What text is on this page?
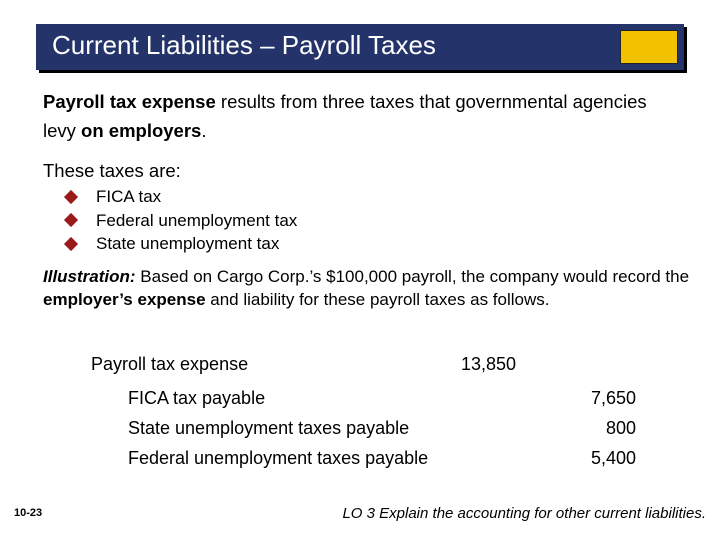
Current Liabilities – Payroll Taxes
Payroll tax expense results from three taxes that governmental agencies levy on employers.
These taxes are:
FICA tax
Federal unemployment tax
State unemployment tax
Illustration: Based on Cargo Corp.’s $100,000 payroll, the company would record the employer’s expense and liability for these payroll taxes as follows.
Payroll tax expense	13,850
FICA tax payable	7,650
State unemployment taxes payable	800
Federal unemployment taxes payable	5,400
10-23	LO 3 Explain the accounting for other current liabilities.
